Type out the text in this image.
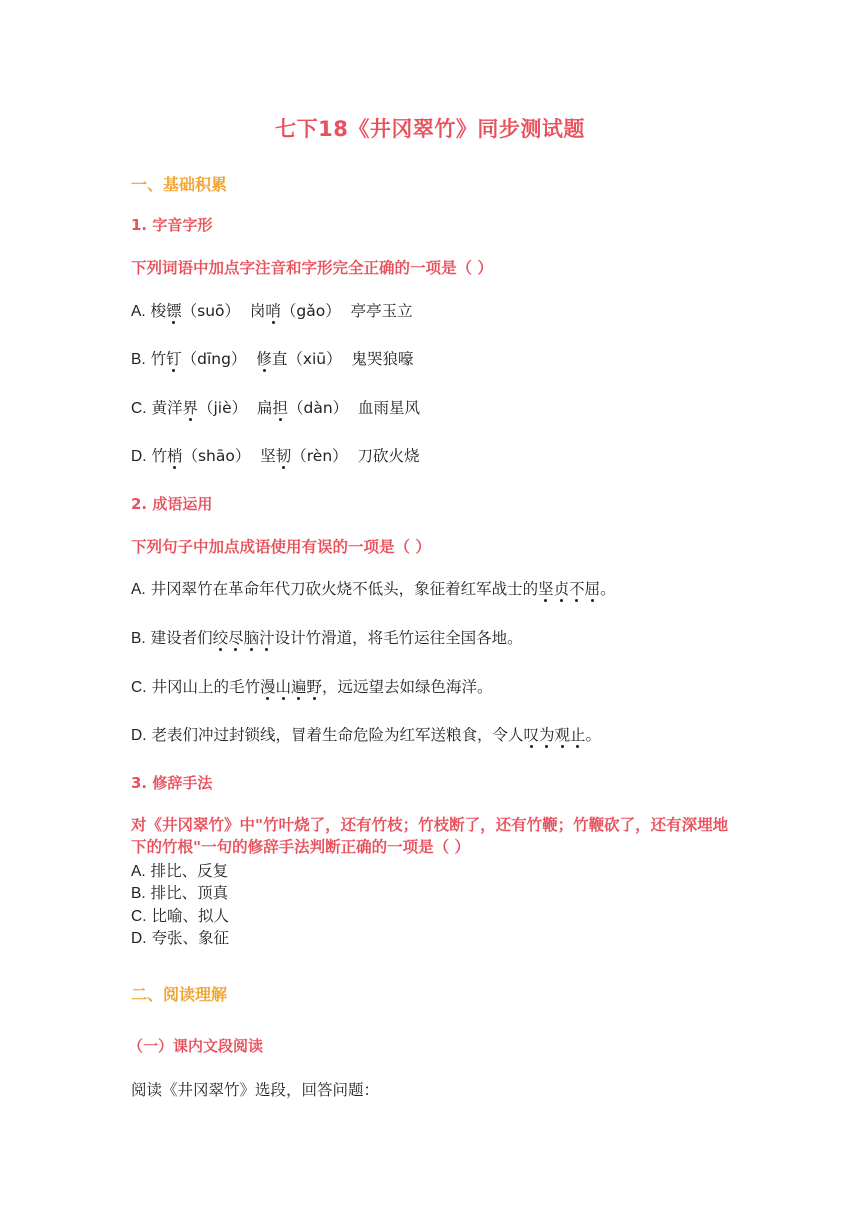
七下18《井冈翠竹》同步测试题
一、基础积累
1. 字音字形
下列词语中加点字注音和字形完全正确的一项是（ ）
A. 梭镖（suō） 岗哨（gǎo） 亭亭玉立
B. 竹钉（dīng） 修直（xiū） 鬼哭狼嚎
C. 黄洋界（jiè） 扁担（dàn） 血雨星风
D. 竹梢（shāo） 坚韧（rèn） 刀砍火烧
2. 成语运用
下列句子中加点成语使用有误的一项是（ ）
A. 井冈翠竹在革命年代刀砍火烧不低头，象征着红军战士的坚贞不屈。
B. 建设者们绞尽脑汁设计竹滑道，将毛竹运往全国各地。
C. 井冈山上的毛竹漫山遍野，远远望去如绿色海洋。
D. 老表们冲过封锁线，冒着生命危险为红军送粮食，令人叹为观止。
3. 修辞手法
对《井冈翠竹》中"竹叶烧了，还有竹枝；竹枝断了，还有竹鞭；竹鞭砍了，还有深埋地下的竹根"一句的修辞手法判断正确的一项是（ ）
A. 排比、反复
B. 排比、顶真
C. 比喻、拟人
D. 夸张、象征
二、阅读理解
（一）课内文段阅读
阅读《井冈翠竹》选段，回答问题：
